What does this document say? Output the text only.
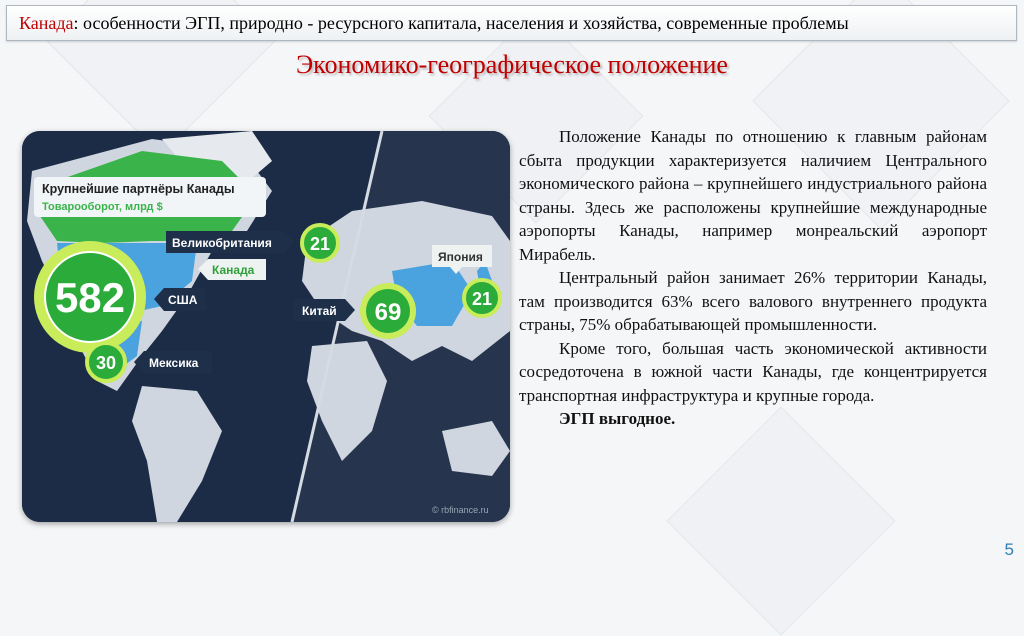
Канада: особенности ЭГП, природно - ресурсного капитала, населения и хозяйства, современные проблемы
Экономико-географическое положение
Крупнейшие партнёры Канады
Товарооборот, млрд $
Великобритания 21
Канада
582	США
30	Мексика
Китай 69
Япония
21
© rbfinance.ru

Положение Канады по отношению к главным районам сбыта продукции характеризуется наличием Центрального экономического района – крупнейшего индустриального района страны. Здесь же расположены крупнейшие международные аэропорты Канады, например монреальский аэропорт Мирабель.

Центральный район занимает 26% территории Канады, там производится 63% всего валового внутреннего продукта страны, 75% обрабатывающей промышленности.

Кроме того, большая часть экономической активности сосредоточена в южной части Канады, где концентрируется транспортная инфраструктура и крупные города.

ЭГП выгодное.

5
